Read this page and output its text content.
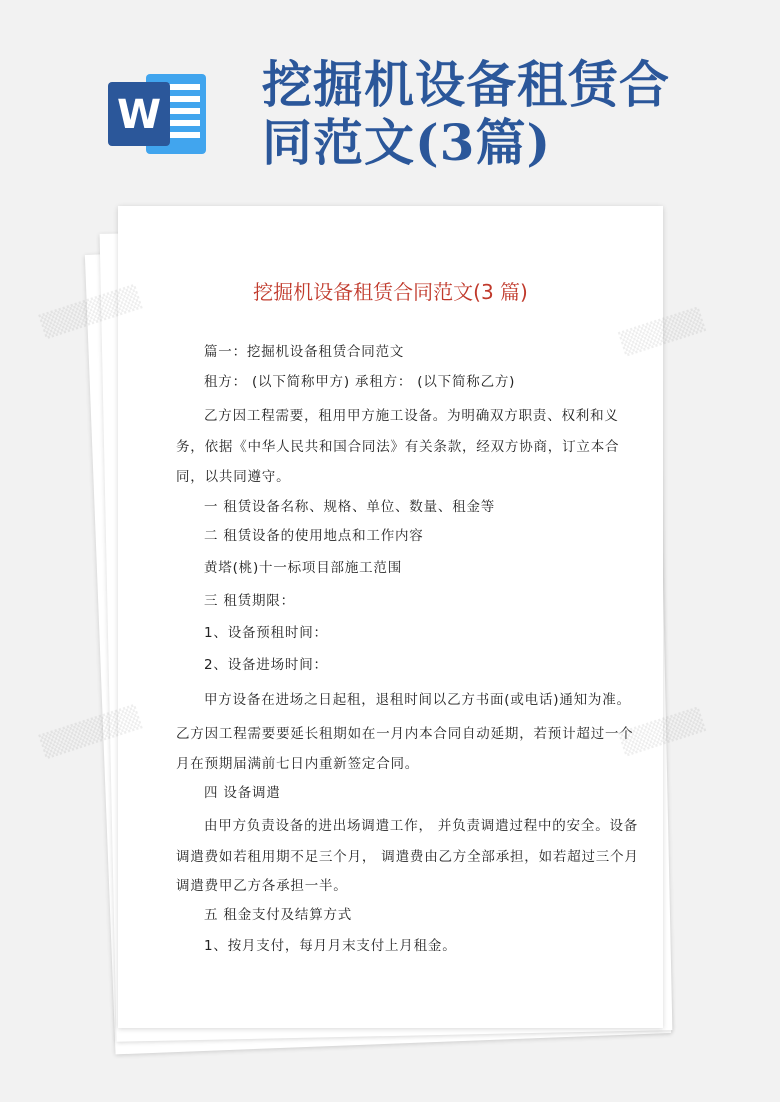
W
挖掘机设备租赁合
同范文(3篇)
挖掘机设备租赁合同范文(3 篇)
篇一：挖掘机设备租赁合同范文
租方： (以下简称甲方) 承租方： (以下简称乙方)
乙方因工程需要，租用甲方施工设备。为明确双方职责、权利和义
务，依据《中华人民共和国合同法》有关条款，经双方协商，订立本合
同，以共同遵守。
一 租赁设备名称、规格、单位、数量、租金等
二 租赁设备的使用地点和工作内容
黄塔(桃)十一标项目部施工范围
三 租赁期限：
1、设备预租时间：
2、设备进场时间：
甲方设备在进场之日起租，退租时间以乙方书面(或电话)通知为准。
乙方因工程需要要延长租期如在一月内本合同自动延期，若预计超过一个
月在预期届满前七日内重新签定合同。
四 设备调遣
由甲方负责设备的进出场调遣工作， 并负责调遣过程中的安全。设备
调遣费如若租用期不足三个月， 调遣费由乙方全部承担，如若超过三个月
调遣费甲乙方各承担一半。
五 租金支付及结算方式
1、按月支付，每月月末支付上月租金。
▒▒▒▒▒▒
